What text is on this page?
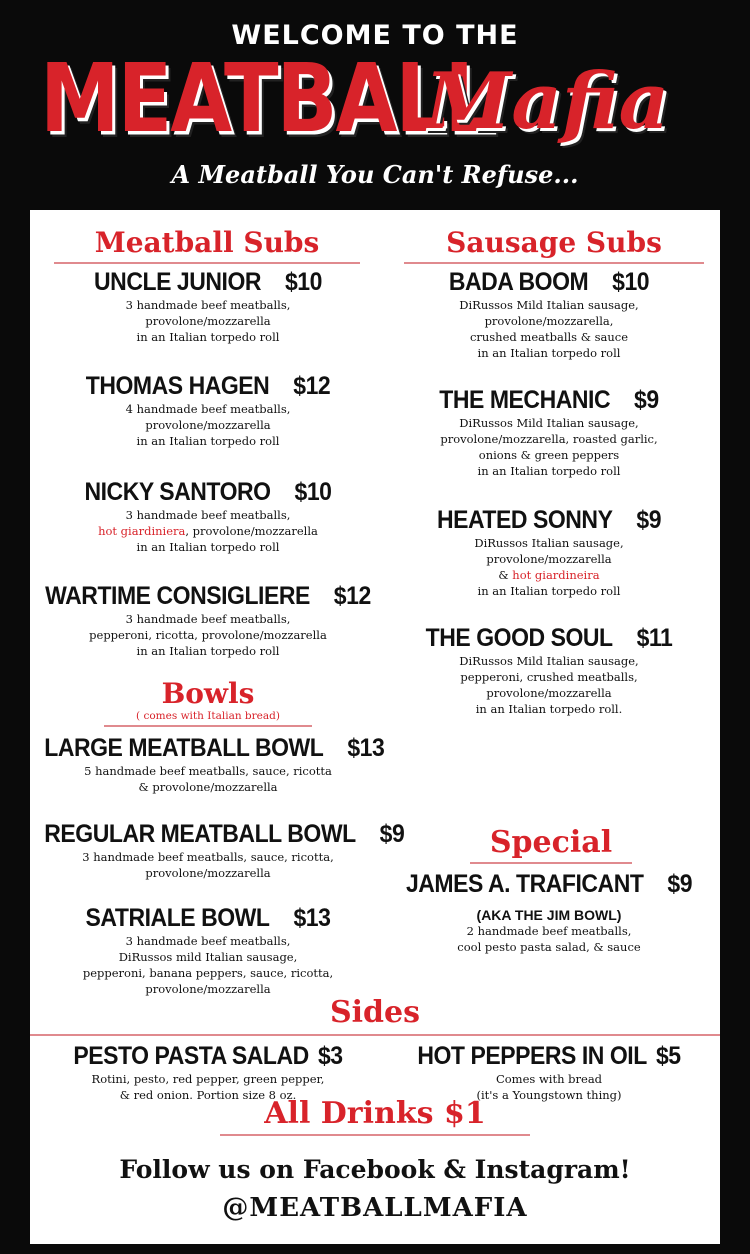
WELCOME TO THE
MEATBALL
Mafia
A Meatball You Can't Refuse...
Meatball Subs
UNCLE JUNIOR $10
3 handmade beef meatballs,
provolone/mozzarella
in an Italian torpedo roll
THOMAS HAGEN $12
4 handmade beef meatballs,
provolone/mozzarella
in an Italian torpedo roll
NICKY SANTORO $10
3 handmade beef meatballs,
hot giardiniera, provolone/mozzarella
in an Italian torpedo roll
WARTIME CONSIGLIERE $12
3 handmade beef meatballs,
pepperoni, ricotta, provolone/mozzarella
in an Italian torpedo roll
Bowls
( comes with Italian bread)
LARGE MEATBALL BOWL $13
5 handmade beef meatballs, sauce, ricotta
& provolone/mozzarella
REGULAR MEATBALL BOWL $9
3 handmade beef meatballs, sauce, ricotta,
provolone/mozzarella
SATRIALE BOWL $13
3 handmade beef meatballs,
DiRussos mild Italian sausage,
pepperoni, banana peppers, sauce, ricotta,
provolone/mozzarella
Sausage Subs
BADA BOOM $10
DiRussos Mild Italian sausage,
provolone/mozzarella,
crushed meatballs & sauce
in an Italian torpedo roll
THE MECHANIC $9
DiRussos Mild Italian sausage,
provolone/mozzarella, roasted garlic,
onions & green peppers
in an Italian torpedo roll
HEATED SONNY $9
DiRussos Italian sausage,
provolone/mozzarella
& hot giardineira
in an Italian torpedo roll
THE GOOD SOUL $11
DiRussos Mild Italian sausage,
pepperoni, crushed meatballs,
provolone/mozzarella
in an Italian torpedo roll.
Special
JAMES A. TRAFICANT $9
(AKA THE JIM BOWL)
2 handmade beef meatballs,
cool pesto pasta salad, & sauce
Sides
PESTO PASTA SALAD $3
Rotini, pesto, red pepper, green pepper,
& red onion. Portion size 8 oz.
HOT PEPPERS IN OIL $5
Comes with bread
(it's a Youngstown thing)
All Drinks $1
Follow us on Facebook & Instagram!
@MEATBALLMAFIA
